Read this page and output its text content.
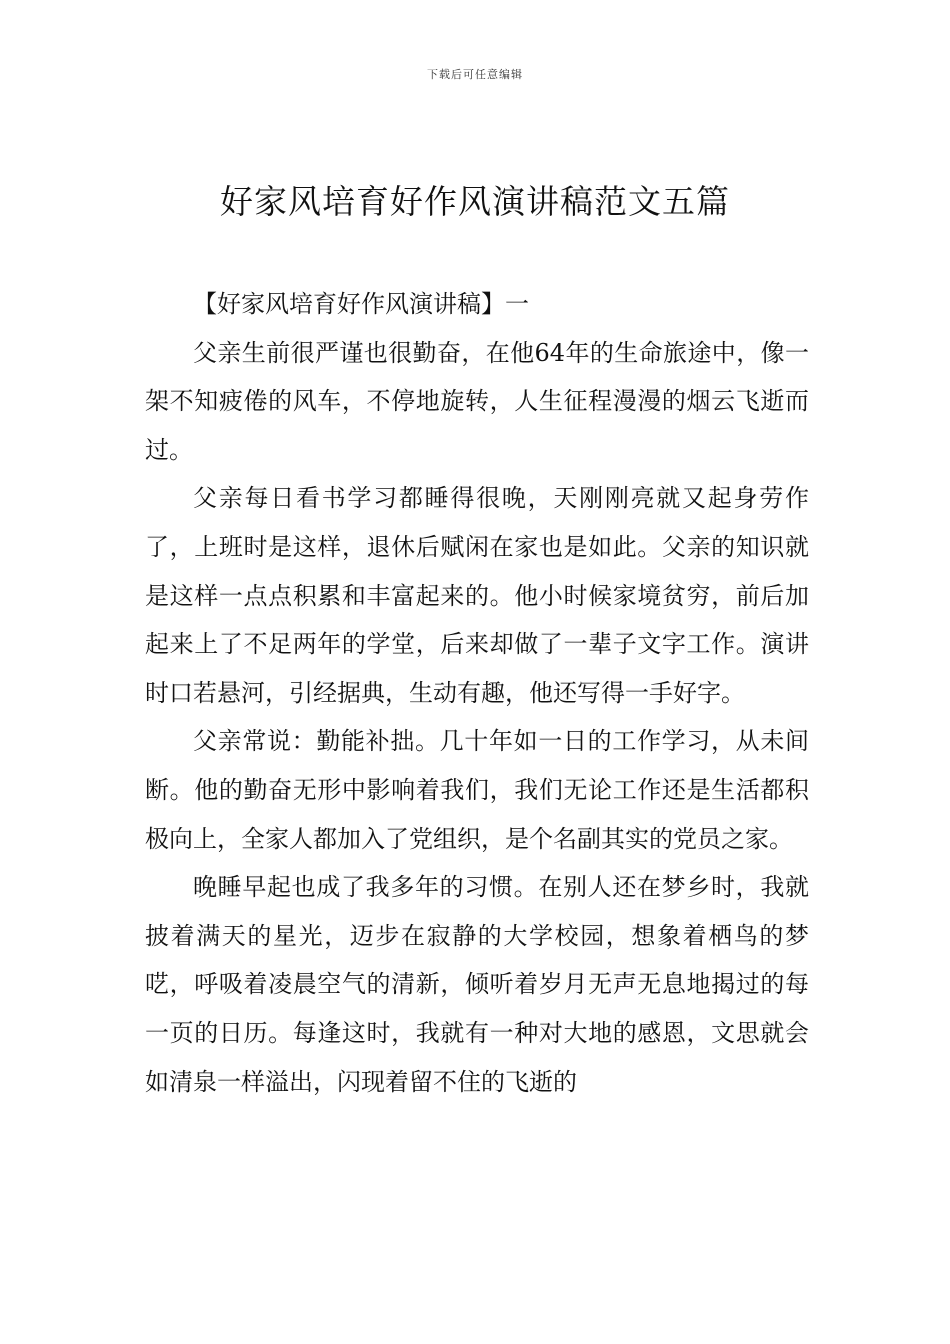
下载后可任意编辑
好家风培育好作风演讲稿范文五篇
【好家风培育好作风演讲稿】一

父亲生前很严谨也很勤奋，在他64年的生命旅途中，像一架不知疲倦的风车，不停地旋转，人生征程漫漫的烟云飞逝而过。

父亲每日看书学习都睡得很晚，天刚刚亮就又起身劳作了，上班时是这样，退休后赋闲在家也是如此。父亲的知识就是这样一点点积累和丰富起来的。他小时候家境贫穷，前后加起来上了不足两年的学堂，后来却做了一辈子文字工作。演讲时口若悬河，引经据典，生动有趣，他还写得一手好字。

父亲常说：勤能补拙。几十年如一日的工作学习，从未间断。他的勤奋无形中影响着我们，我们无论工作还是生活都积极向上，全家人都加入了党组织，是个名副其实的党员之家。

晚睡早起也成了我多年的习惯。在别人还在梦乡时，我就披着满天的星光，迈步在寂静的大学校园，想象着栖鸟的梦呓，呼吸着凌晨空气的清新，倾听着岁月无声无息地揭过的每一页的日历。每逢这时，我就有一种对大地的感恩，文思就会如清泉一样溢出，闪现着留不住的飞逝的
